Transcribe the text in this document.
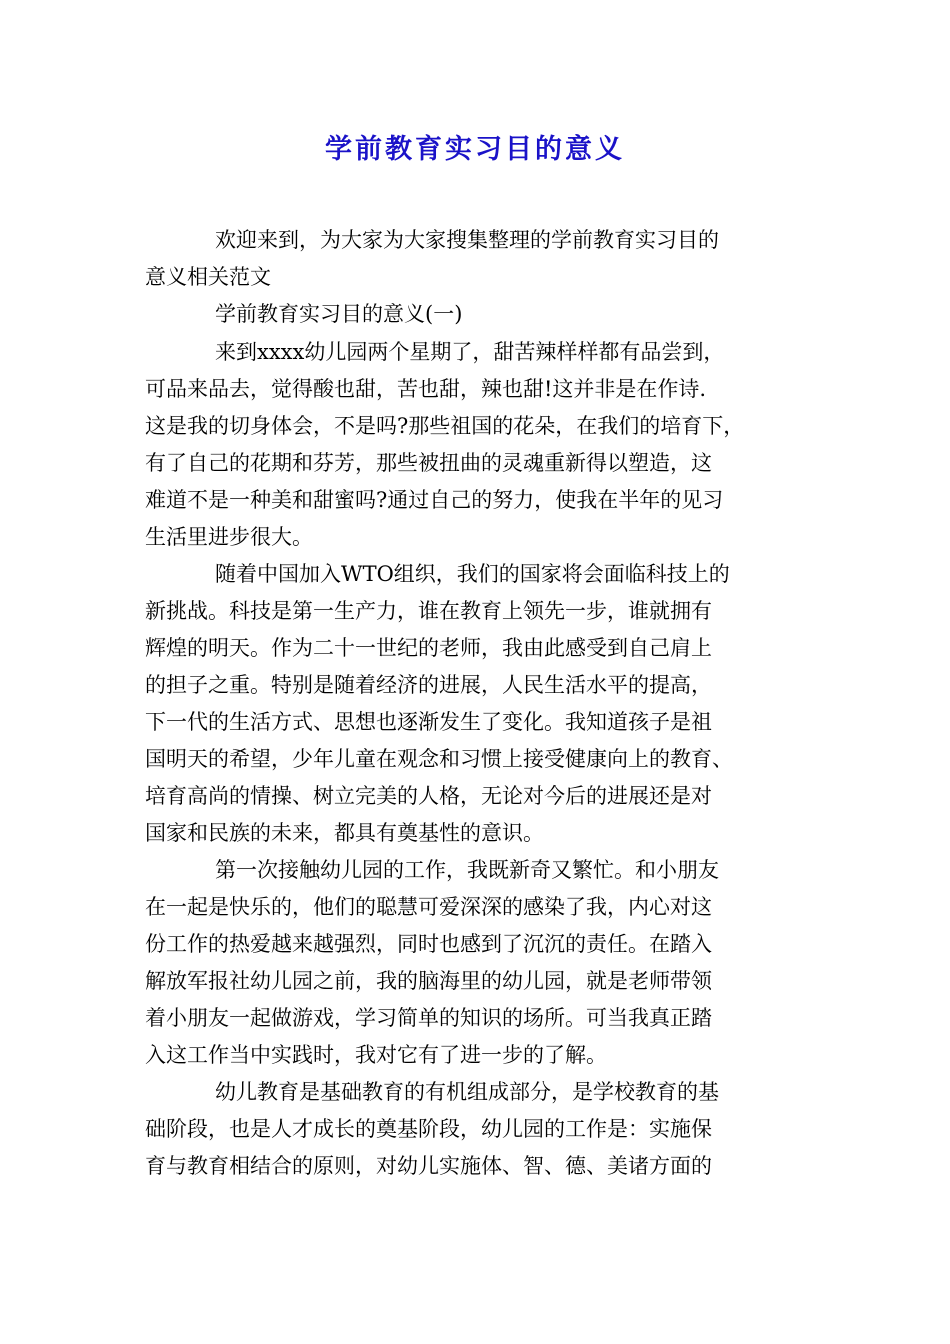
学前教育实习目的意义

欢迎来到，为大家为大家搜集整理的学前教育实习目的

意义相关范文

学前教育实习目的意义(一)

来到xxxx幼儿园两个星期了，甜苦辣样样都有品尝到，

可品来品去，觉得酸也甜，苦也甜，辣也甜!这并非是在作诗.

这是我的切身体会，不是吗?那些祖国的花朵，在我们的培育下，

有了自己的花期和芬芳，那些被扭曲的灵魂重新得以塑造，这

难道不是一种美和甜蜜吗?通过自己的努力，使我在半年的见习

生活里进步很大。

随着中国加入WTO组织，我们的国家将会面临科技上的

新挑战。科技是第一生产力，谁在教育上领先一步，谁就拥有

辉煌的明天。作为二十一世纪的老师，我由此感受到自己肩上

的担子之重。特别是随着经济的进展，人民生活水平的提高，

下一代的生活方式、思想也逐渐发生了变化。我知道孩子是祖

国明天的希望，少年儿童在观念和习惯上接受健康向上的教育、

培育高尚的情操、树立完美的人格，无论对今后的进展还是对

国家和民族的未来，都具有奠基性的意识。

第一次接触幼儿园的工作，我既新奇又繁忙。和小朋友

在一起是快乐的，他们的聪慧可爱深深的感染了我，内心对这

份工作的热爱越来越强烈，同时也感到了沉沉的责任。在踏入

解放军报社幼儿园之前，我的脑海里的幼儿园，就是老师带领

着小朋友一起做游戏，学习简单的知识的场所。可当我真正踏

入这工作当中实践时，我对它有了进一步的了解。

幼儿教育是基础教育的有机组成部分，是学校教育的基

础阶段，也是人才成长的奠基阶段，幼儿园的工作是：实施保

育与教育相结合的原则，对幼儿实施体、智、德、美诸方面的
